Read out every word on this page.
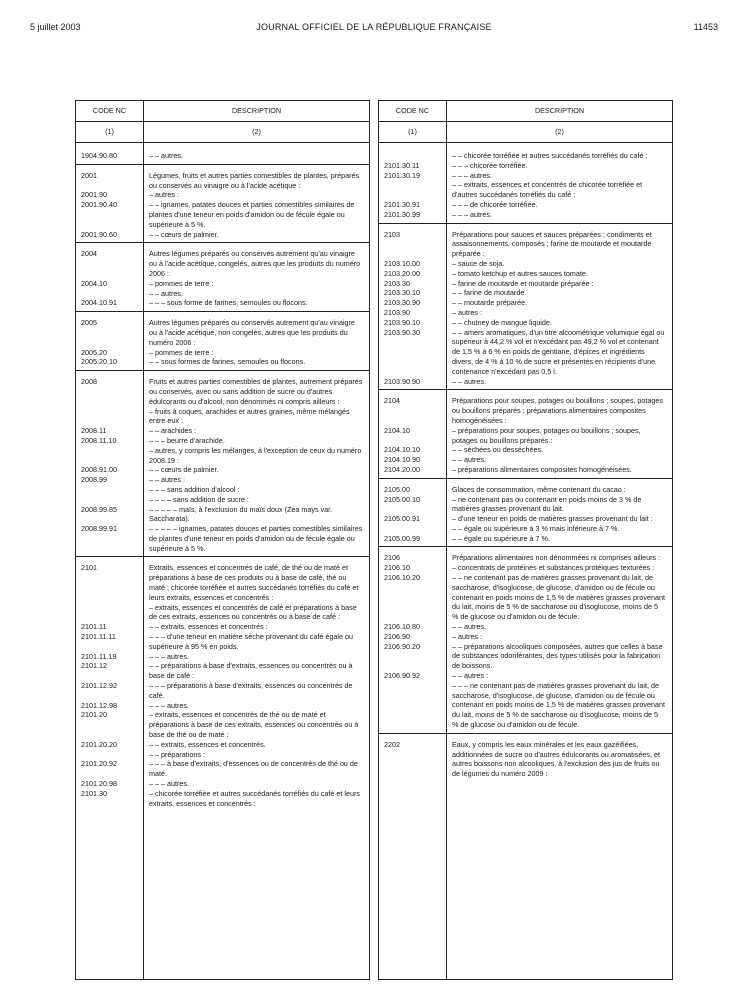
5 juillet 2003	JOURNAL OFFICIEL DE LA RÉPUBLIQUE FRANÇAISE	11453
CODE NC	DESCRIPTION
(1)	(2)
1904.90.80	– – autres.
2001	Légumes, fruits et autres parties comestibles de plantes, préparés ou conservés au vinaigre ou à l'acide acétique :
2001.90	– autres :
2001.90.40	– – ignames, patates douces et parties comestibles similaires de plantes d'une teneur en poids d'amidon ou de fécule égale ou supérieure à 5 %.
2001.90.60	– – cœurs de palmier.
2004	Autres légumes préparés ou conservés autrement qu'au vinaigre ou à l'acide acétique, congelés, autres que les produits du numéro 2006 :
2004.10	– pommes de terre :
– – autres.
2004.10.91	– – – sous forme de farines, semoules ou flocons.
2005	Autres légumes préparés ou conservés autrement qu'au vinaigre ou à l'acide acétique, non congelés, autres que les produits du numéro 2006 :
2005.20	– pommes de terre :
2005.20.10	– – sous formes de farines, semoules ou flocons.
2008	Fruits et autres parties comestibles de plantes, autrement préparés ou conservés, avec ou sans addition de sucre ou d'autres édulcorants ou d'alcool, non dénommés ni compris ailleurs :
– fruits à coques, arachides et autres graines, même mélangés entre eux :
2008.11	– – arachides :
2008.11.10	– – – beurre d'arachide.
– autres, y compris les mélanges, à l'exception de ceux du numéro 2008.19 :
2008.91.00	– – cœurs de palmier.
2008.99	– – autres :
– – – sans addition d'alcool :
– – – – sans addition de sucre :
2008.99.85	– – – – – maïs, à l'exclusion du maïs doux (Zea mays var. Saccharata).
2008.99.91	– – – – – ignames, patates douces et parties comestibles similaires de plantes d'une teneur en poids d'amidon ou de fécule égale ou supérieure à 5 %.
2101	Extraits, essences et concentrés de café, de thé ou de maté et préparations à base de ces produits ou à base de café, thé ou maté ; chicorée torréfiée et autres succédanés torréfiés du café et leurs extraits, essences et concentrés :
– extraits, essences et concentrés de café et préparations à base de ces extraits, essences ou concentrés ou à base de café :
2101.11	– – extraits, essences et concentrés :
2101.11.11	– – – d'une teneur en matière sèche provenant du café égale ou supérieure à 95 % en poids.
2101.11.19	– – – autres.
2101.12	– – préparations à base d'extraits, essences ou concentrés ou à base de café :
2101.12.92	– – – préparations à base d'extraits, essences ou concentrés de café.
2101.12.98	– – – autres.
2101.20	– extraits, essences et concentrés de thé ou de maté et préparations à base de ces extraits, essences ou concentrés ou à base de thé ou de maté :
2101.20.20	– – extraits, essences et concentrés.
– – préparations :
2101.20.92	– – – à base d'extraits, d'essences ou de concentrés de thé ou de maté.
2101.20.98	– – – autres.
2101.30	– chicorée torréfiée et autres succédanés torréfiés du café et leurs extraits, essences et concentrés :
CODE NC	DESCRIPTION
(1)	(2)
– – chicorée torréfiée et autres succédanés torréfiés du café :
2101.30.11	– – – chicorée torréfiée.
2101.30.19	– – – autres.
– – extraits, essences et concentrés de chicorée torréfiée et d'autres succédanés torréfiés du café :
2101.30.91	– – – de chicorée torréfiée.
2101.30.99	– – – autres.
2103	Préparations pour sauces et sauces préparées ; condiments et assaisonnements, composés ; farine de moutarde et moutarde préparée :
2103.10.00	– sauce de soja.
2103.20.00	– tomato ketchup et autres sauces tomate.
2103.30	– farine de moutarde et moutarde préparée :
2103.30.10	– – farine de moutarde.
2103.30.90	– – moutarde préparée.
2103.90	– autres :
2103.90.10	– – chutney de mangue liquide.
2103.90.30	– – amers aromatiques, d'un titre alcoométrique volumique égal ou supérieur à 44,2 % vol et n'excédant pas 49,2 % vol et contenant de 1,5 % à 6 % en poids de gentiane, d'épices et ingrédients divers, de 4 % à 10 % de sucre et présentés en récipients d'une contenance n'excédant pas 0,5 l.
2103.90.90	– – autres.
2104	Préparations pour soupes, potages ou bouillons ; soupes, potages ou bouillons préparés ; préparations alimentaires composites homogénéisées :
2104.10	– préparations pour soupes, potages ou bouillons ; soupes, potages ou bouillons préparés :
2104.10.10	– – séchées ou desséchées.
2104.10.90	– – autres.
2104.20.00	– préparations alimentaires composites homogénéisées.
2105.00	Glaces de consommation, même contenant du cacao :
2105.00.10	– ne contenant pas ou contenant en poids moins de 3 % de matières grasses provenant du lait.
2105.00.91	– d'une teneur en poids de matières grasses provenant du lait :
– – égale ou supérieure à 3 % mais inférieure à 7 %.
2105.00.99	– – égale ou supérieure à 7 %.
2106	Préparations alimentaires non dénommées ni comprises ailleurs :
2106.10	– concentrats de protéines et substances protéiques texturées :
2106.10.20	– – ne contenant pas de matières grasses provenant du lait, de saccharose, d'isoglucose, de glucose, d'amidon ou de fécule ou contenant en poids moins de 1,5 % de matières grasses provenant du lait, moins de 5 % de saccharose ou d'isoglucose, moins de 5 % de glucose ou d'amidon ou de fécule.
2106.10.80	– – autres.
2106.90	– autres :
2106.90.20	– – préparations alcooliques composées, autres que celles à base de substances odoriférantes, des types utilisés pour la fabrication de boissons.
2106.90.92	– – autres :
– – – ne contenant pas de matières grasses provenant du lait, de saccharose, d'isoglucose, de glucose, d'amidon ou de fécule ou contenant en poids moins de 1,5 % de matières grasses provenant du lait, moins de 5 % de saccharose ou d'isoglucose, moins de 5 % de glucose ou d'amidon ou de fécule.
2202	Eaux, y compris les eaux minérales et les eaux gazéifiées, additionnées de sucre ou d'autres édulcorants ou aromatisées, et autres boissons non alcooliques, à l'exclusion des jus de fruits ou de légumes du numéro 2009 :
